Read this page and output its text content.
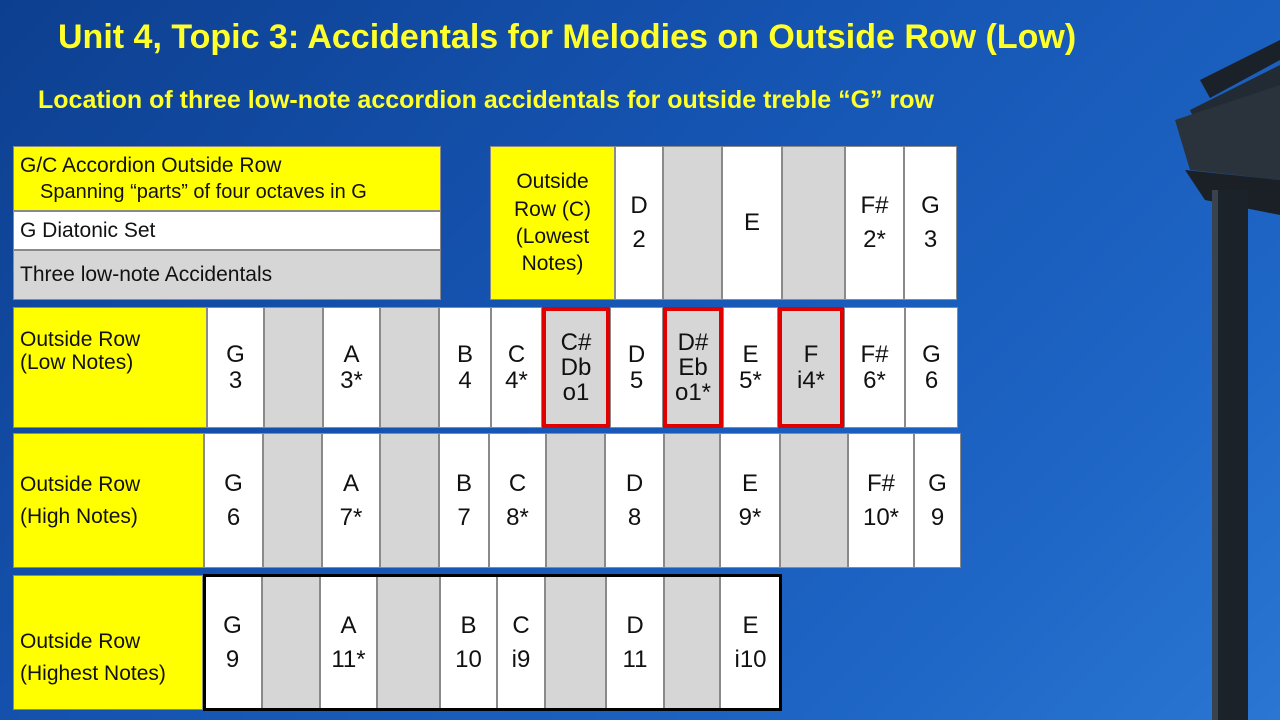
Unit 4, Topic 3: Accidentals for Melodies on Outside Row (Low)
Location of three low-note accordion accidentals for outside treble “G” row
G/C Accordion Outside Row
Spanning “parts” of four octaves in G
G Diatonic Set
Three low-note Accidentals
Outside
Row (C)
(Lowest
Notes)
D
2
E
F#
2*
G
3
Outside Row
(Low Notes)	G
3
A
3*
B
4
C
4*
C#
Db
o1
D
5
D#
Eb
o1*
E
5*
F
i4*
F#
6*
G
6
Outside Row
(High Notes)
G
6
A
7*
B
7
C
8*
D
8
E
9*
F#
10*
G
9
Outside Row
(Highest Notes)
G
9
A
11*
B
10
C
i9
D
11
E
i10
